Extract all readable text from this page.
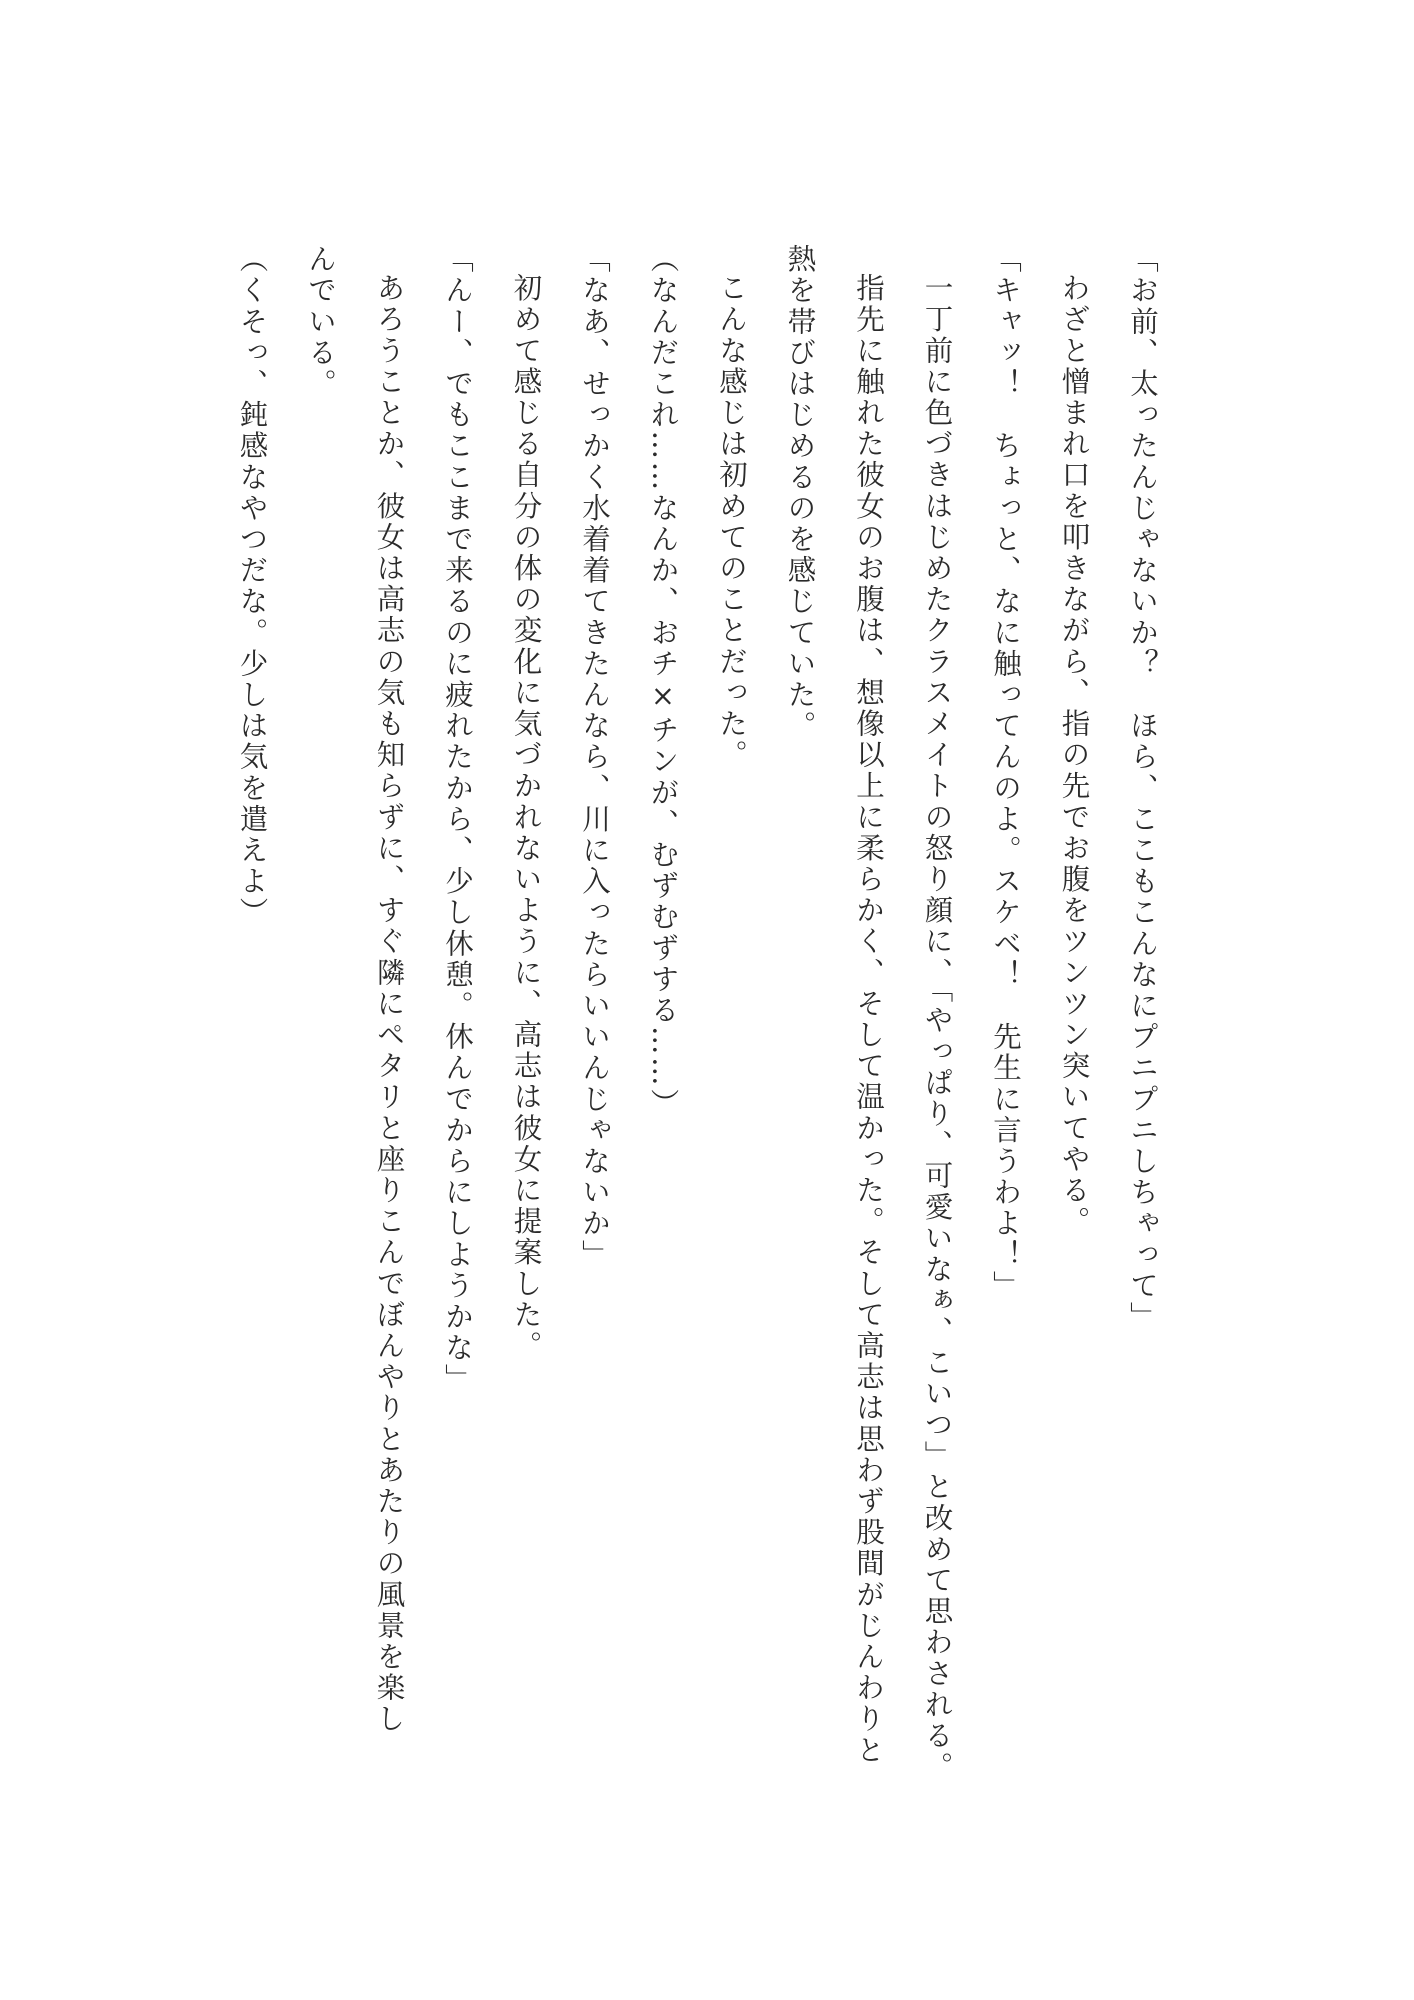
「お前、太ったんじゃないか？　ほら、ここもこんなにプニプニしちゃって」
わざと憎まれ口を叩きながら、指の先でお腹をツンツン突いてやる。
「キャッ！　ちょっと、なに触ってんのよ。スケベ！　先生に言うわよ！」
一丁前に色づきはじめたクラスメイトの怒り顔に、「やっぱり、可愛いなぁ、こいつ」と改めて思わされる。
指先に触れた彼女のお腹は、想像以上に柔らかく、そして温かった。そして高志は思わず股間がじんわりと
熱を帯びはじめるのを感じていた。
こんな感じは初めてのことだった。
（なんだこれ……なんか、おチ×チンが、むずむずする……）
「なあ、せっかく水着着てきたんなら、川に入ったらいいんじゃないか」
初めて感じる自分の体の変化に気づかれないように、高志は彼女に提案した。
「んー、でもここまで来るのに疲れたから、少し休憩。休んでからにしようかな」
あろうことか、彼女は高志の気も知らずに、すぐ隣にペタリと座りこんでぼんやりとあたりの風景を楽し
んでいる。
（くそっ、鈍感なやつだな。少しは気を遣えよ）
